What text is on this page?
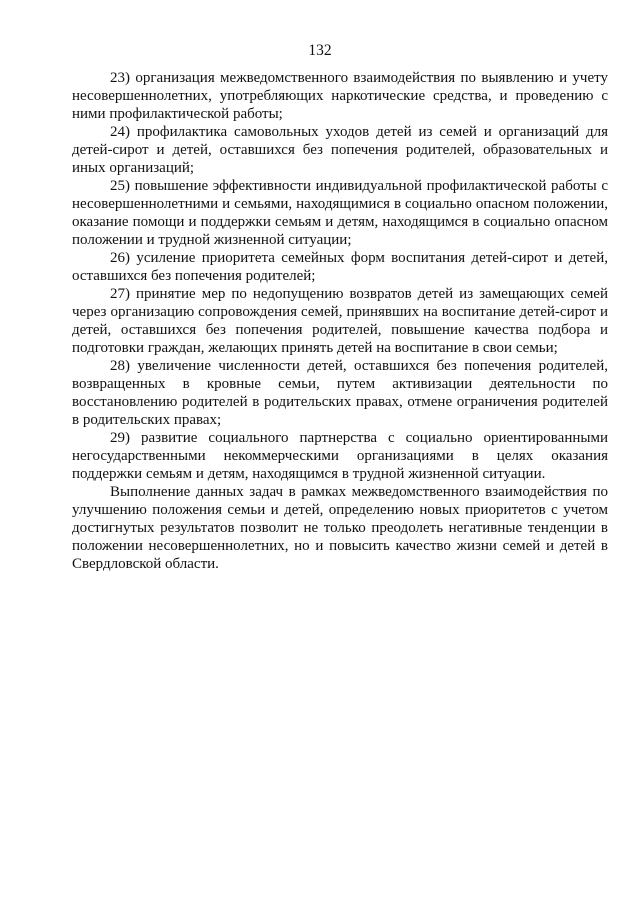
132

23) организация межведомственного взаимодействия по выявлению и учету несовершеннолетних, употребляющих наркотические средства, и проведению с ними профилактической работы;

24) профилактика самовольных уходов детей из семей и организаций для детей-сирот и детей, оставшихся без попечения родителей, образовательных и иных организаций;

25) повышение эффективности индивидуальной профилактической работы с несовершеннолетними и семьями, находящимися в социально опасном положении, оказание помощи и поддержки семьям и детям, находящимся в социально опасном положении и трудной жизненной ситуации;

26) усиление приоритета семейных форм воспитания детей-сирот и детей, оставшихся без попечения родителей;

27) принятие мер по недопущению возвратов детей из замещающих семей через организацию сопровождения семей, принявших на воспитание детей-сирот и детей, оставшихся без попечения родителей, повышение качества подбора и подготовки граждан, желающих принять детей на воспитание в свои семьи;

28) увеличение численности детей, оставшихся без попечения родителей, возвращенных в кровные семьи, путем активизации деятельности по восстановлению родителей в родительских правах, отмене ограничения родителей в родительских правах;

29) развитие социального партнерства с социально ориентированными негосударственными некоммерческими организациями в целях оказания поддержки семьям и детям, находящимся в трудной жизненной ситуации.

Выполнение данных задач в рамках межведомственного взаимодействия по улучшению положения семьи и детей, определению новых приоритетов с учетом достигнутых результатов позволит не только преодолеть негативные тенденции в положении несовершеннолетних, но и повысить качество жизни семей и детей в Свердловской области.
